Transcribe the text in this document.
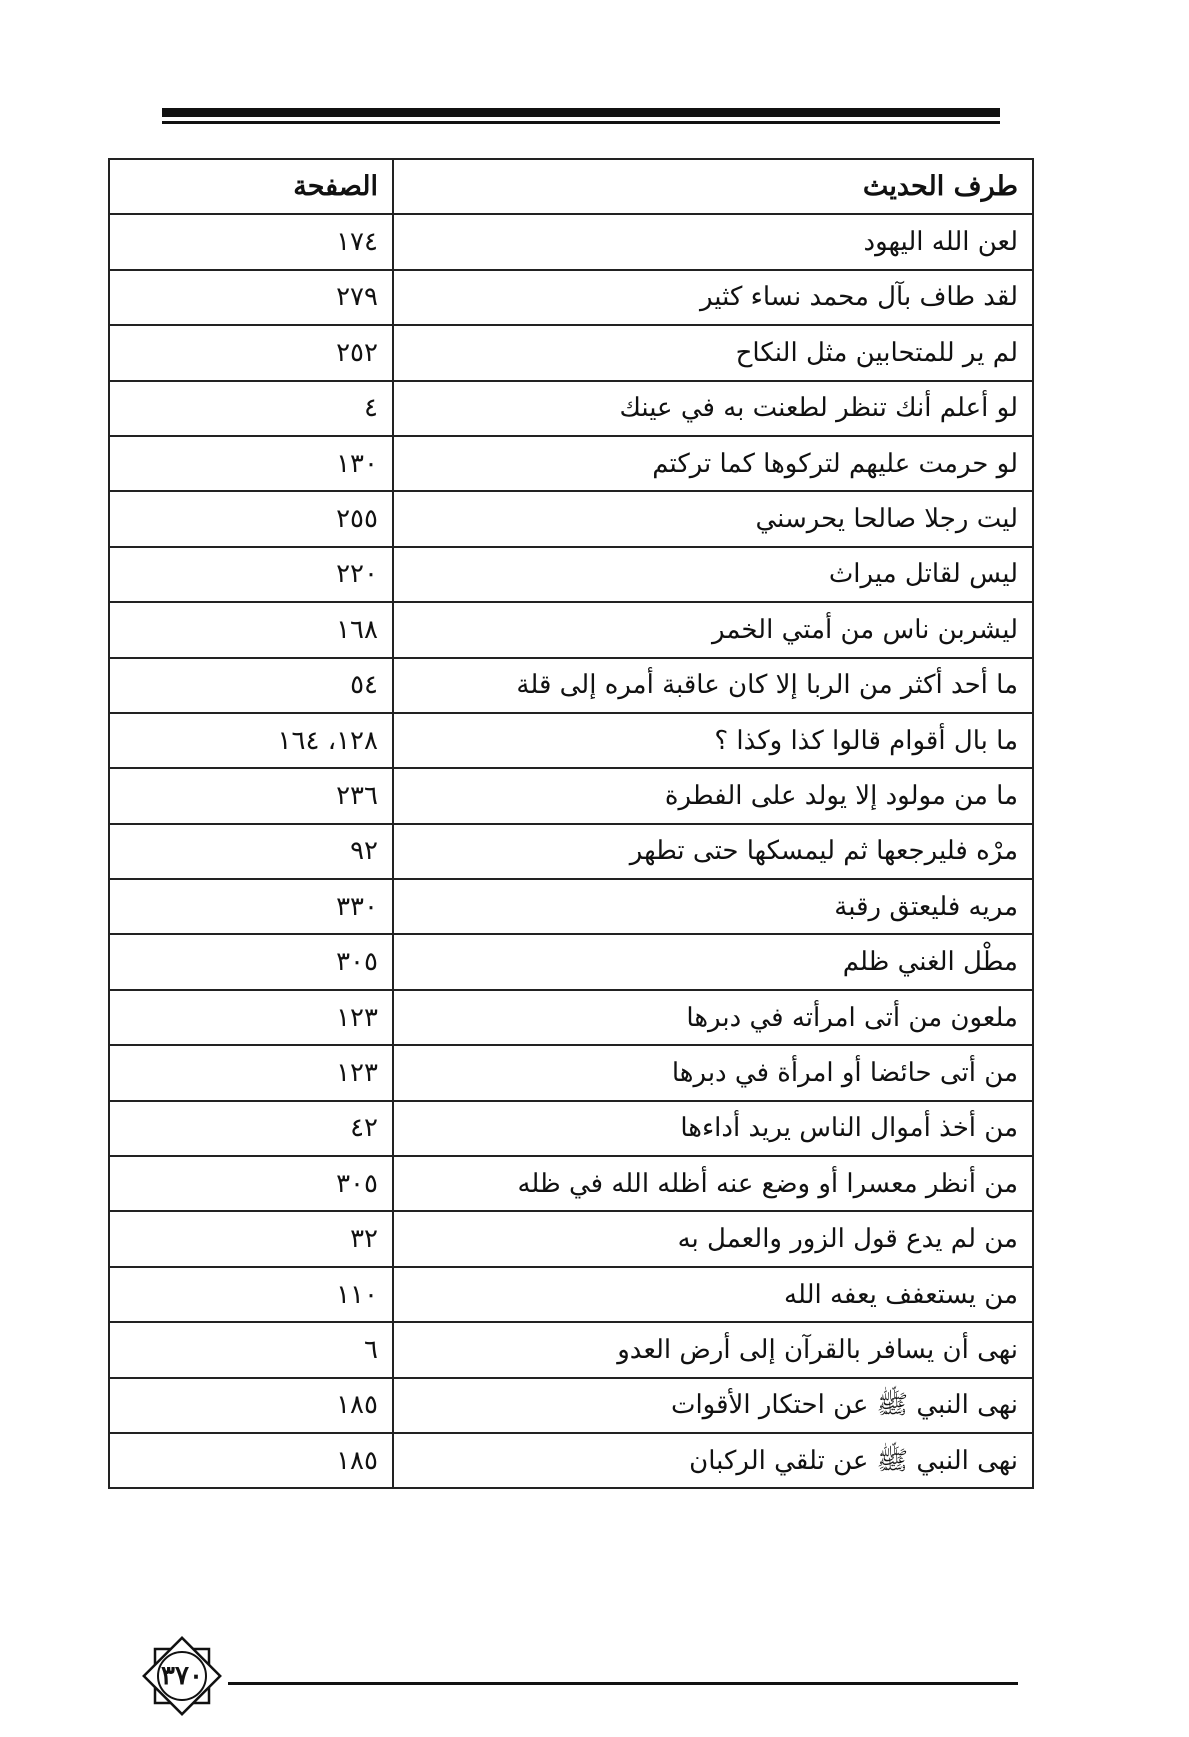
طرف الحديث	الصفحة
لعن الله اليهود	١٧٤
لقد طاف بآل محمد نساء كثير	٢٧٩
لم ير للمتحابين مثل النكاح	٢٥٢
لو أعلم أنك تنظر لطعنت به في عينك	٤
لو حرمت عليهم لتركوها كما تركتم	١٣٠
ليت رجلا صالحا يحرسني	٢٥٥
ليس لقاتل ميراث	٢٢٠
ليشربن ناس من أمتي الخمر	١٦٨
ما أحد أكثر من الربا إلا كان عاقبة أمره إلى قلة	٥٤
ما بال أقوام قالوا كذا وكذا ؟	١٢٨، ١٦٤
ما من مولود إلا يولد على الفطرة	٢٣٦
مرْه فليرجعها ثم ليمسكها حتى تطهر	٩٢
مريه فليعتق رقبة	٣٣٠
مطْل الغني ظلم	٣٠٥
ملعون من أتى امرأته في دبرها	١٢٣
من أتى حائضا أو امرأة في دبرها	١٢٣
من أخذ أموال الناس يريد أداءها	٤٢
من أنظر معسرا أو وضع عنه أظله الله في ظله	٣٠٥
من لم يدع قول الزور والعمل به	٣٢
من يستعفف يعفه الله	١١٠
نهى أن يسافر بالقرآن إلى أرض العدو	٦
نهى النبي ﷺ عن احتكار الأقوات	١٨٥
نهى النبي ﷺ عن تلقي الركبان	١٨٥
٣٧٠
